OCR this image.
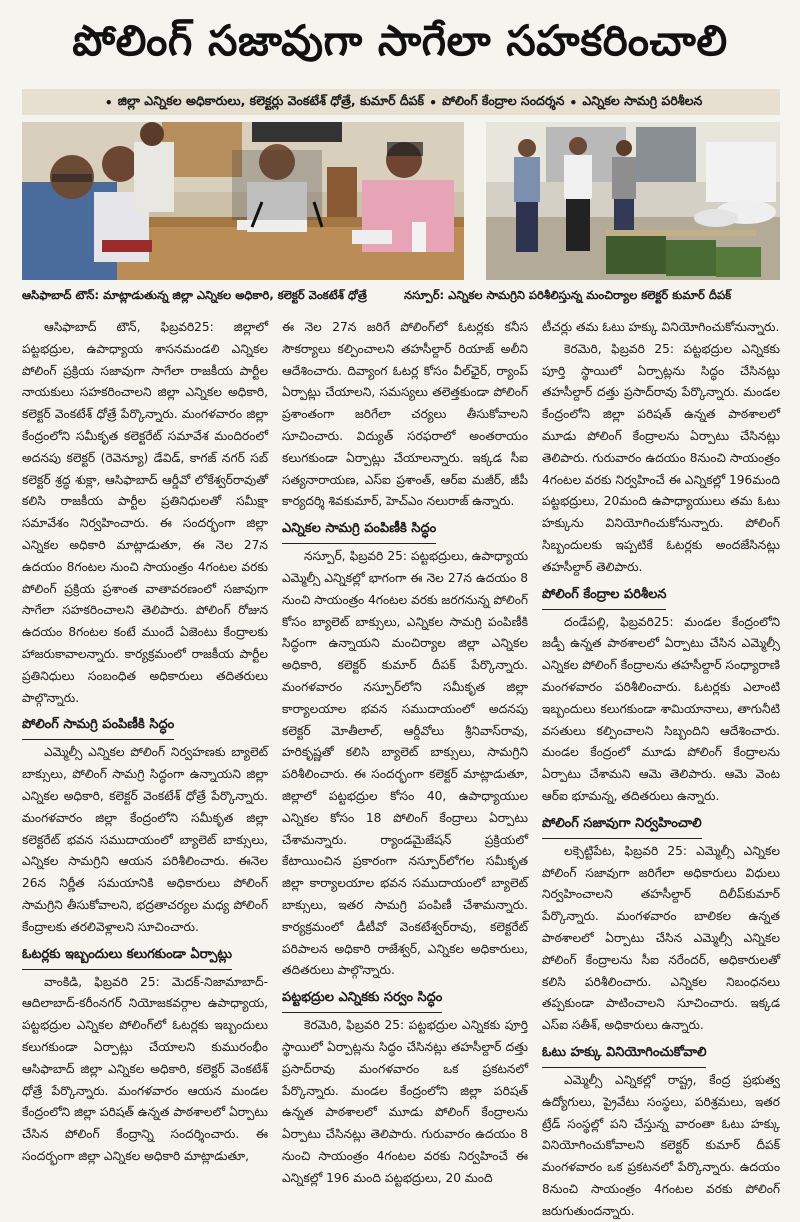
పోలింగ్ సజావుగా సాగేలా సహకరించాలి
• జిల్లా ఎన్నికల అధికారులు, కలెక్టర్లు వెంకటేశ్ ధోత్రే, కుమార్ దీపక్ • పోలింగ్ కేంద్రాల సందర్శన • ఎన్నికల సామగ్రి పరిశీలన
ఆసిఫాబాద్ టౌన్: మాట్లాడుతున్న జిల్లా ఎన్నికల అధికారి, కలెక్టర్ వెంకటేశ్ ధోత్రే	నస్పూర్: ఎన్నికల సామగ్రిని పరిశీలిస్తున్న మంచిర్యాల కలెక్టర్ కుమార్ దీపక్

ఆసిఫాబాద్ టౌన్, ఫిబ్రవరి25: జిల్లాలో పట్టభద్రుల, ఉపాధ్యాయ శాసనమండలి ఎన్నికల పోలింగ్ ప్రక్రియ సజావుగా సాగేలా రాజకీయ పార్టీల నాయకులు సహకరించాలని జిల్లా ఎన్నికల అధికారి, కలెక్టర్ వెంకటేశ్ ధోత్రే పేర్కొన్నారు. మంగళవారం జిల్లా కేంద్రంలోని సమీకృత కలెక్టరేట్ సమావేశ మందిరంలో అదనపు కలెక్టర్ (రెవెన్యూ) డేవిడ్, కాగజ్ నగర్ సబ్ కలెక్టర్ శ్రద్ధ శుక్లా, ఆసిఫాబాద్ ఆర్డీవో లోకేశ్వర్‌రావుతో కలిసి రాజకీయ పార్టీల ప్రతినిధులతో సమీక్షా సమావేశం నిర్వహించారు. ఈ సందర్భంగా జిల్లా ఎన్నికల అధికారి మాట్లాడుతూ, ఈ నెల 27న ఉదయం 8గంటల నుంచి సాయంత్రం 4గంటల వరకు పోలింగ్ ప్రక్రియ ప్రశాంత వాతావరణంలో సజావుగా సాగేలా సహకరించాలని తెలిపారు. పోలింగ్ రోజున ఉదయం 8గంటల కంటే ముందే ఏజెంటు కేంద్రాలకు హాజరుకావాలన్నారు. కార్యక్రమంలో రాజకీయ పార్టీల ప్రతినిధులు సంబంధిత అధికారులు తదితరులు పాల్గొన్నారు.

పోలింగ్ సామగ్రి పంపిణీకి సిద్ధం

ఎమ్మెల్సీ ఎన్నికల పోలింగ్ నిర్వహణకు బ్యాలెట్ బాక్సులు, పోలింగ్ సామగ్రి సిద్ధంగా ఉన్నాయని జిల్లా ఎన్నికల అధికారి, కలెక్టర్ వెంకటేశ్ ధోత్రే పేర్కొన్నారు. మంగళవారం జిల్లా కేంద్రంలోని సమీకృత జిల్లా కలెక్టరేట్ భవన సముదాయంలో బ్యాలెట్ బాక్సులు, ఎన్నికల సామగ్రిని ఆయన పరిశీలించారు. ఈనెల 26న నిర్ణీత సమయానికి అధికారులు పోలింగ్ సామగ్రిని తీసుకోవాలని, భద్రతాచర్యల మధ్య పోలింగ్ కేంద్రాలకు తరలివెళ్లాలని సూచించారు.

ఓటర్లకు ఇబ్బందులు కలుగకుండా ఏర్పాట్లు

వాంకిడి, ఫిబ్రవరి 25: మెదక్-నిజామాబాద్-ఆదిలాబాద్-కరీంనగర్ నియోజకవర్గాల ఉపాధ్యాయ, పట్టభద్రుల ఎన్నికల పోలింగ్‌లో ఓటర్లకు ఇబ్బందులు కలుగకుండా ఏర్పాట్లు చేయాలని కుమురంభీం ఆసిఫాబాద్ జిల్లా ఎన్నికల అధికారి, కలెక్టర్ వెంకటేశ్ ధోత్రే పేర్కొన్నారు. మంగళవారం ఆయన మండల కేంద్రంలోని జిల్లా పరిషత్ ఉన్నత పాఠశాలలో ఏర్పాటు చేసిన పోలింగ్ కేంద్రాన్ని సందర్శించారు. ఈ సందర్భంగా జిల్లా ఎన్నికల అధికారి మాట్లాడుతూ,

ఈ నెల 27న జరిగే పోలింగ్‌లో ఓటర్లకు కనీస సౌకర్యాలు కల్పించాలని తహసీల్దార్ రియాజ్ అలీని ఆదేశించారు. దివ్యాంగ ఓటర్ల కోసం వీల్‌ఛైర్, ర్యాంప్ ఏర్పాట్లు చేయాలని, సమస్యలు తలెత్తకుండా పోలింగ్ ప్రశాంతంగా జరిగేలా చర్యలు తీసుకోవాలని సూచించారు. విద్యుత్ సరఫరాలో అంతరాయం కలుగకుండా ఏర్పాట్లు చేయాలన్నారు. ఇక్కడ సీఐ సత్యనారాయణ, ఎస్ఐ ప్రశాంత్, ఆర్ఐ మజీర్, జీపీ కార్యదర్శి శివకుమార్, హెచ్ఎం నలురాజ్ ఉన్నారు.

ఎన్నికల సామగ్రి పంపిణీకి సిద్ధం

నస్పూర్, ఫిబ్రవరి 25: పట్టభద్రులు, ఉపాధ్యాయ ఎమ్మెల్సీ ఎన్నికల్లో భాగంగా ఈ నెల 27న ఉదయం 8 నుంచి సాయంత్రం 4గంటల వరకు జరగనున్న పోలింగ్ కోసం బ్యాలెట్ బాక్సులు, ఎన్నికల సామగ్రి పంపిణీకి సిద్ధంగా ఉన్నాయని మంచిర్యాల జిల్లా ఎన్నికల అధికారి, కలెక్టర్ కుమార్ దీపక్ పేర్కొన్నారు. మంగళవారం నస్పూర్‌లోని సమీకృత జిల్లా కార్యాలయాల భవన సముదాయంలో అదనపు కలెక్టర్ మోతీలాల్, ఆర్డీవోలు శ్రీనివాస్‌రావు, హరికృష్ణతో కలిసి బ్యాలెట్ బాక్సులు, సామగ్రిని పరిశీలించారు. ఈ సందర్భంగా కలెక్టర్ మాట్లాడుతూ, జిల్లాలో పట్టభద్రుల కోసం 40, ఉపాధ్యాయుల ఎన్నికల కోసం 18 పోలింగ్ కేంద్రాలు ఏర్పాటు చేశామన్నారు. ర్యాండమైజేషన్ ప్రక్రియలో కేటాయించిన ప్రకారంగా నస్పూర్‌లోగల సమీకృత జిల్లా కార్యాలయాల భవన సముదాయంలో బ్యాలెట్ బాక్సులు, ఇతర సామగ్రి పంపిణీ చేశామన్నారు. కార్యక్రమంలో డీటీవో వెంకటేశ్వర్‌రావు, కలెక్టరేట్ పరిపాలన అధికారి రాజేశ్వర్, ఎన్నికల అధికారులు, తదితరులు పాల్గొన్నారు.

పట్టభద్రుల ఎన్నికకు సర్వం సిద్ధం

కెరమెరి, ఫిబ్రవరి 25: పట్టభద్రుల ఎన్నికకు పూర్తి స్థాయిలో ఏర్పాట్లను సిద్ధం చేసినట్లు తహసీల్దార్ దత్తు ప్రసాద్‌రావు మంగళవారం ఒక ప్రకటనలో పేర్కొన్నారు. మండల కేంద్రంలోని జిల్లా పరిషత్ ఉన్నత పాఠశాలలో మూడు పోలింగ్ కేంద్రాలను ఏర్పాటు చేసినట్లు తెలిపారు. గురువారం ఉదయం 8 నుంచి సాయంత్రం 4గంటల వరకు నిర్వహించే ఈ ఎన్నికల్లో 196 మంది పట్టభద్రులు, 20 మంది

టీచర్లు తమ ఓటు హక్కు వినియోగించుకోనున్నారు.

కెరమెరి, ఫిబ్రవరి 25: పట్టభద్రుల ఎన్నికకు పూర్తి స్థాయిలో ఏర్పాట్లను సిద్ధం చేసినట్లు తహసీల్దార్ దత్తు ప్రసాద్‌రావు పేర్కొన్నారు. మండల కేంద్రంలోని జిల్లా పరిషత్ ఉన్నత పాఠశాలలో మూడు పోలింగ్ కేంద్రాలను ఏర్పాటు చేసినట్లు తెలిపారు. గురువారం ఉదయం 8నుంచి సాయంత్రం 4గంటల వరకు నిర్వహించే ఈ ఎన్నికల్లో 196మంది పట్టభద్రులు, 20మంది ఉపాధ్యాయులు తమ ఓటు హక్కును వినియోగించుకోనున్నారు. పోలింగ్ సిబ్బందులకు ఇప్పటికే ఓటర్లకు అందజేసినట్లు తహసీల్దార్ తెలిపారు.

పోలింగ్ కేంద్రాల పరిశీలన

దండేపల్లి, ఫిబ్రవరి25: మండల కేంద్రంలోని జడ్పీ ఉన్నత పాఠశాలలో ఏర్పాటు చేసిన ఎమ్మెల్సీ ఎన్నికల పోలింగ్ కేంద్రాలను తహసీల్దార్ సంధ్యారాణి మంగళవారం పరిశీలించారు. ఓటర్లకు ఎలాంటి ఇబ్బందులు కలుగకుండా శామియానాలు, తాగునీటి వసతులు కల్పించాలని సిబ్బందిని ఆదేశించారు. మండల కేంద్రంలో మూడు పోలింగ్ కేంద్రాలను ఏర్పాటు చేశామని ఆమె తెలిపారు. ఆమె వెంట ఆర్ఐ భూమన్న, తదితరులు ఉన్నారు.

పోలింగ్ సజావుగా నిర్వహించాలి

లక్సెట్టిపేట, ఫిబ్రవరి 25: ఎమ్మెల్సీ ఎన్నికల పోలింగ్ సజావుగా జరిగేలా అధికారులు విధులు నిర్వహించాలని తహసీల్దార్ దిలీప్‌కుమార్ పేర్కొన్నారు. మంగళవారం బాలికల ఉన్నత పాఠశాలలో ఏర్పాటు చేసిన ఎమ్మెల్సీ ఎన్నికల పోలింగ్ కేంద్రాలను సీఐ నరేందర్, అధికారులతో కలిసి పరిశీలించారు. ఎన్నికల నిబంధనలు తప్పకుండా పాటించాలని సూచించారు. ఇక్కడ ఎస్ఐ సతీశ్, అధికారులు ఉన్నారు.

ఓటు హక్కు వినియోగించుకోవాలి

ఎమ్మెల్సీ ఎన్నికల్లో రాష్ట్ర, కేంద్ర ప్రభుత్వ ఉద్యోగులు, ప్రైవేటు సంస్థలు, పరిశ్రమలు, ఇతర ట్రేడ్ సంస్థల్లో పని చేస్తున్న వారంతా ఓటు హక్కు వినియోగించుకోవాలని కలెక్టర్ కుమార్ దీపక్ మంగళవారం ఒక ప్రకటనలో పేర్కొన్నారు. ఉదయం 8నుంచి సాయంత్రం 4గంటల వరకు పోలింగ్ జరుగుతుందన్నారు.
